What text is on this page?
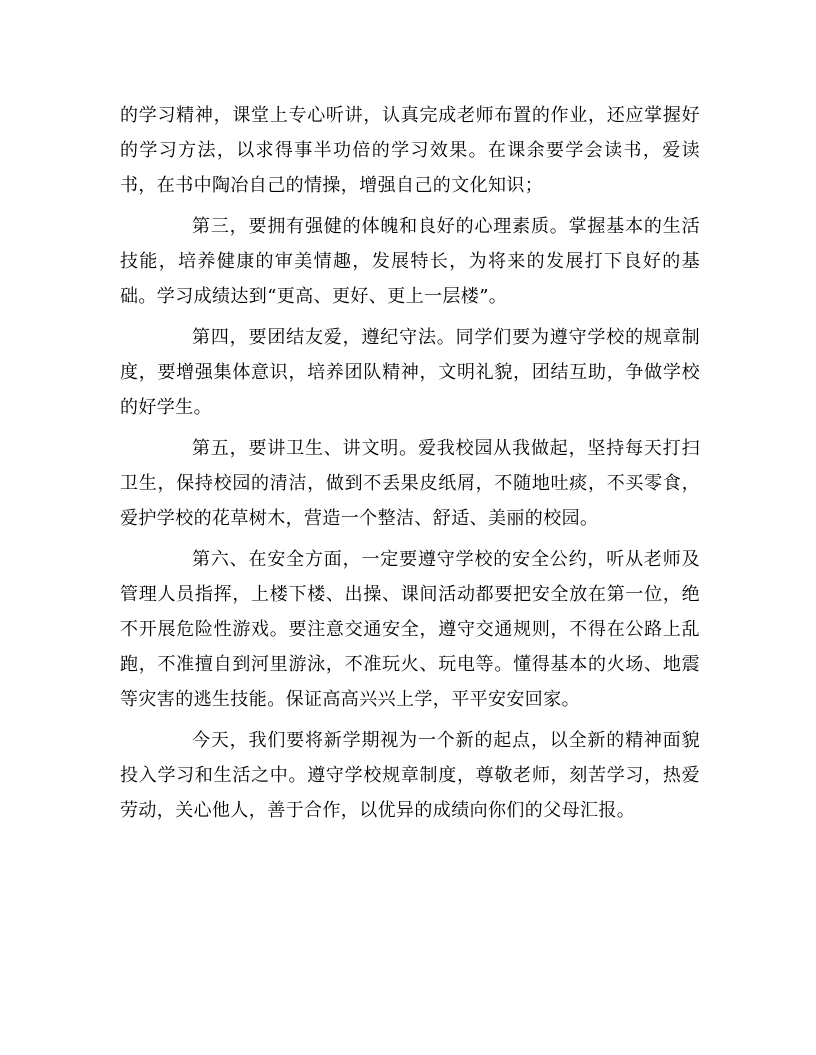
的学习精神，课堂上专心听讲，认真完成老师布置的作业，还应掌握好的学习方法，以求得事半功倍的学习效果。在课余要学会读书，爱读书，在书中陶冶自己的情操，增强自己的文化知识；

第三，要拥有强健的体魄和良好的心理素质。掌握基本的生活技能，培养健康的审美情趣，发展特长，为将来的发展打下良好的基础。学习成绩达到“更高、更好、更上一层楼”。

第四，要团结友爱，遵纪守法。同学们要为遵守学校的规章制度，要增强集体意识，培养团队精神，文明礼貌，团结互助，争做学校的好学生。

第五，要讲卫生、讲文明。爱我校园从我做起，坚持每天打扫卫生，保持校园的清洁，做到不丢果皮纸屑，不随地吐痰，不买零食，爱护学校的花草树木，营造一个整洁、舒适、美丽的校园。

第六、在安全方面，一定要遵守学校的安全公约，听从老师及管理人员指挥，上楼下楼、出操、课间活动都要把安全放在第一位，绝不开展危险性游戏。要注意交通安全，遵守交通规则，不得在公路上乱跑，不准擅自到河里游泳，不准玩火、玩电等。懂得基本的火场、地震等灾害的逃生技能。保证高高兴兴上学，平平安安回家。

今天，我们要将新学期视为一个新的起点，以全新的精神面貌投入学习和生活之中。遵守学校规章制度，尊敬老师，刻苦学习，热爱劳动，关心他人，善于合作，以优异的成绩向你们的父母汇报。
